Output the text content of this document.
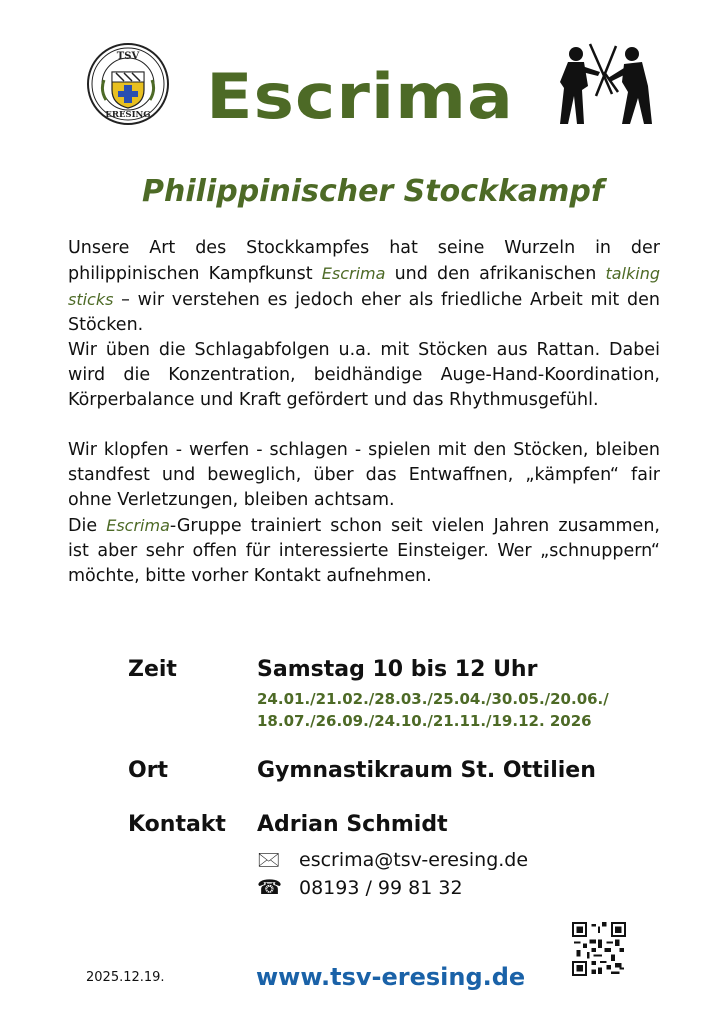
TSV
ERESING Escrima
Philippinischer Stockkampf

Unsere Art des Stockkampfes hat seine Wurzeln in der philippinischen Kampfkunst Escrima und den afrikanischen talking sticks – wir verstehen es jedoch eher als friedliche Arbeit mit den Stöcken.

Wir üben die Schlagabfolgen u.a. mit Stöcken aus Rattan. Dabei wird die Konzentration, beidhändige Auge-Hand-Koordination, Körperbalance und Kraft gefördert und das Rhythmusgefühl.

Wir klopfen - werfen - schlagen - spielen mit den Stöcken, bleiben standfest und beweglich, über das Entwaffnen, „kämpfen“ fair ohne Verletzungen, bleiben achtsam.

Die Escrima-Gruppe trainiert schon seit vielen Jahren zusammen, ist aber sehr offen für interessierte Einsteiger. Wer „schnuppern“ möchte, bitte vorher Kontakt aufnehmen.

Zeit	Samstag 10 bis 12 Uhr
24.01./21.02./28.03./25.04./30.05./20.06./
18.07./26.09./24.10./21.11./19.12. 2026
Ort	Gymnastikraum St. Ottilien
Kontakt Adrian Schmidt
🖂 escrima@tsv-eresing.de
☎ 08193 / 99 81 32
2025.12.19.	www.tsv-eresing.de
